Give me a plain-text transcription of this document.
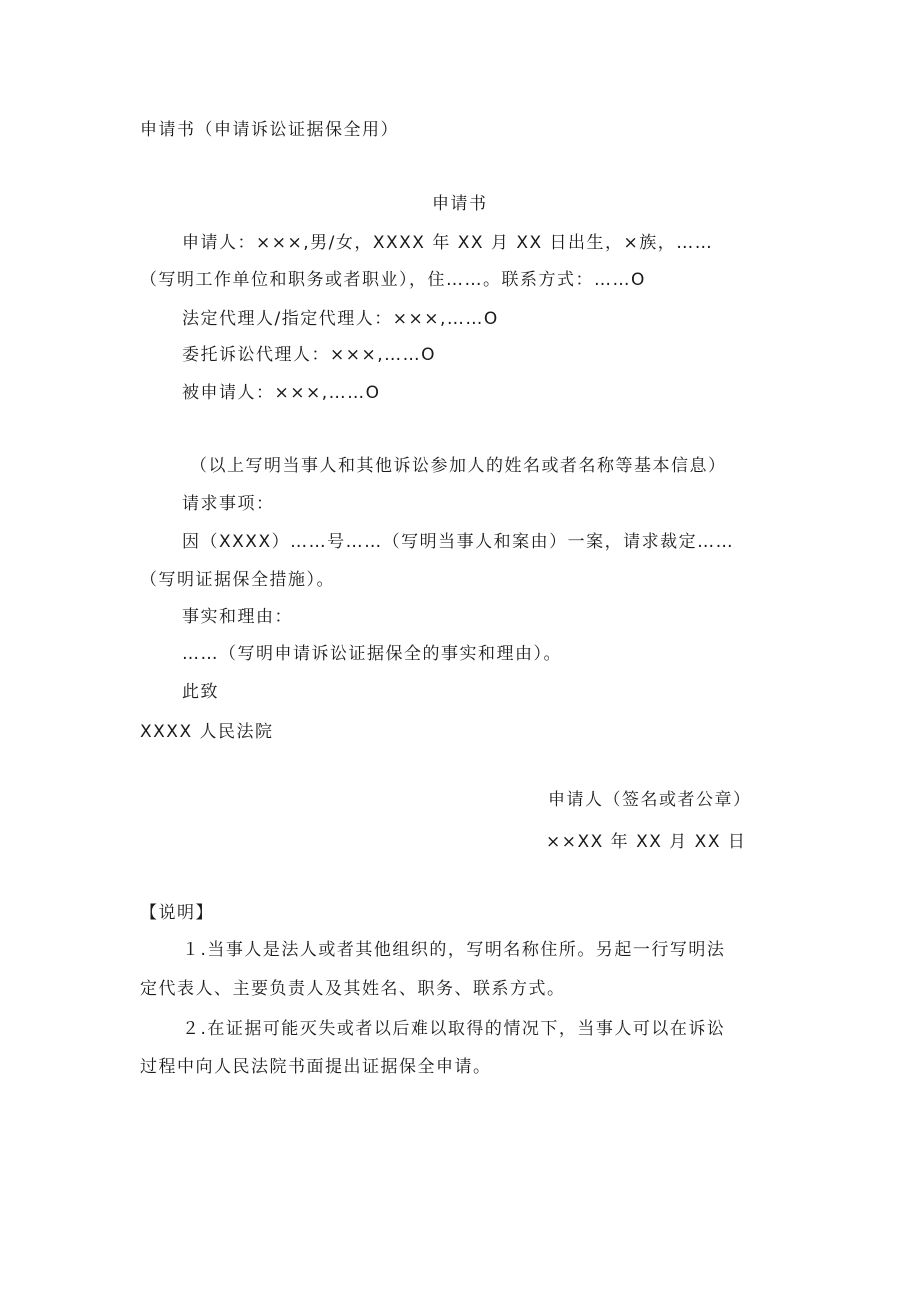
申请书（申请诉讼证据保全用）
申请书
申请人：×××,男/女，XXXX 年 XX 月 XX 日出生，×族，……
（写明工作单位和职务或者职业），住……。联系方式：……O
法定代理人/指定代理人：×××,……O
委托诉讼代理人：×××,……O
被申请人：×××,……O
（以上写明当事人和其他诉讼参加人的姓名或者名称等基本信息）
请求事项：
因（XXXX）……号……（写明当事人和案由）一案，请求裁定……
（写明证据保全措施）。
事实和理由：
……（写明申请诉讼证据保全的事实和理由）。
此致
XXXX 人民法院
申请人（签名或者公章）
××XX 年 XX 月 XX 日
【说明】
１.当事人是法人或者其他组织的，写明名称住所。另起一行写明法
定代表人、主要负责人及其姓名、职务、联系方式。
２.在证据可能灭失或者以后难以取得的情况下，当事人可以在诉讼
过程中向人民法院书面提出证据保全申请。
